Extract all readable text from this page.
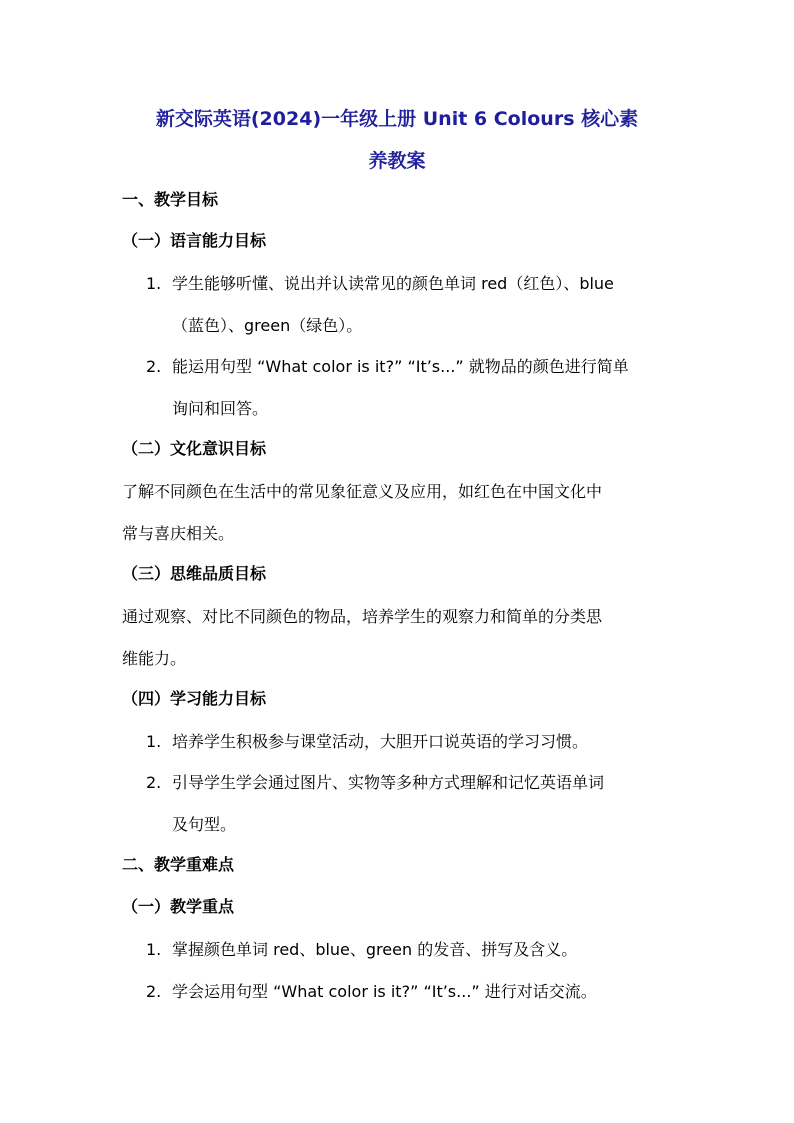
新交际英语(2024)一年级上册 Unit 6 Colours 核心素
养教案
一、教学目标
（一）语言能力目标
1. 学生能够听懂、说出并认读常见的颜色单词 red（红色）、blue
（蓝色）、green（绿色）。
2. 能运用句型 “What color is it?” “It’s...” 就物品的颜色进行简单
询问和回答。
（二）文化意识目标
了解不同颜色在生活中的常见象征意义及应用，如红色在中国文化中
常与喜庆相关。
（三）思维品质目标
通过观察、对比不同颜色的物品，培养学生的观察力和简单的分类思
维能力。
（四）学习能力目标
1. 培养学生积极参与课堂活动，大胆开口说英语的学习习惯。
2. 引导学生学会通过图片、实物等多种方式理解和记忆英语单词
及句型。
二、教学重难点
（一）教学重点
1. 掌握颜色单词 red、blue、green 的发音、拼写及含义。
2. 学会运用句型 “What color is it?” “It’s...” 进行对话交流。
